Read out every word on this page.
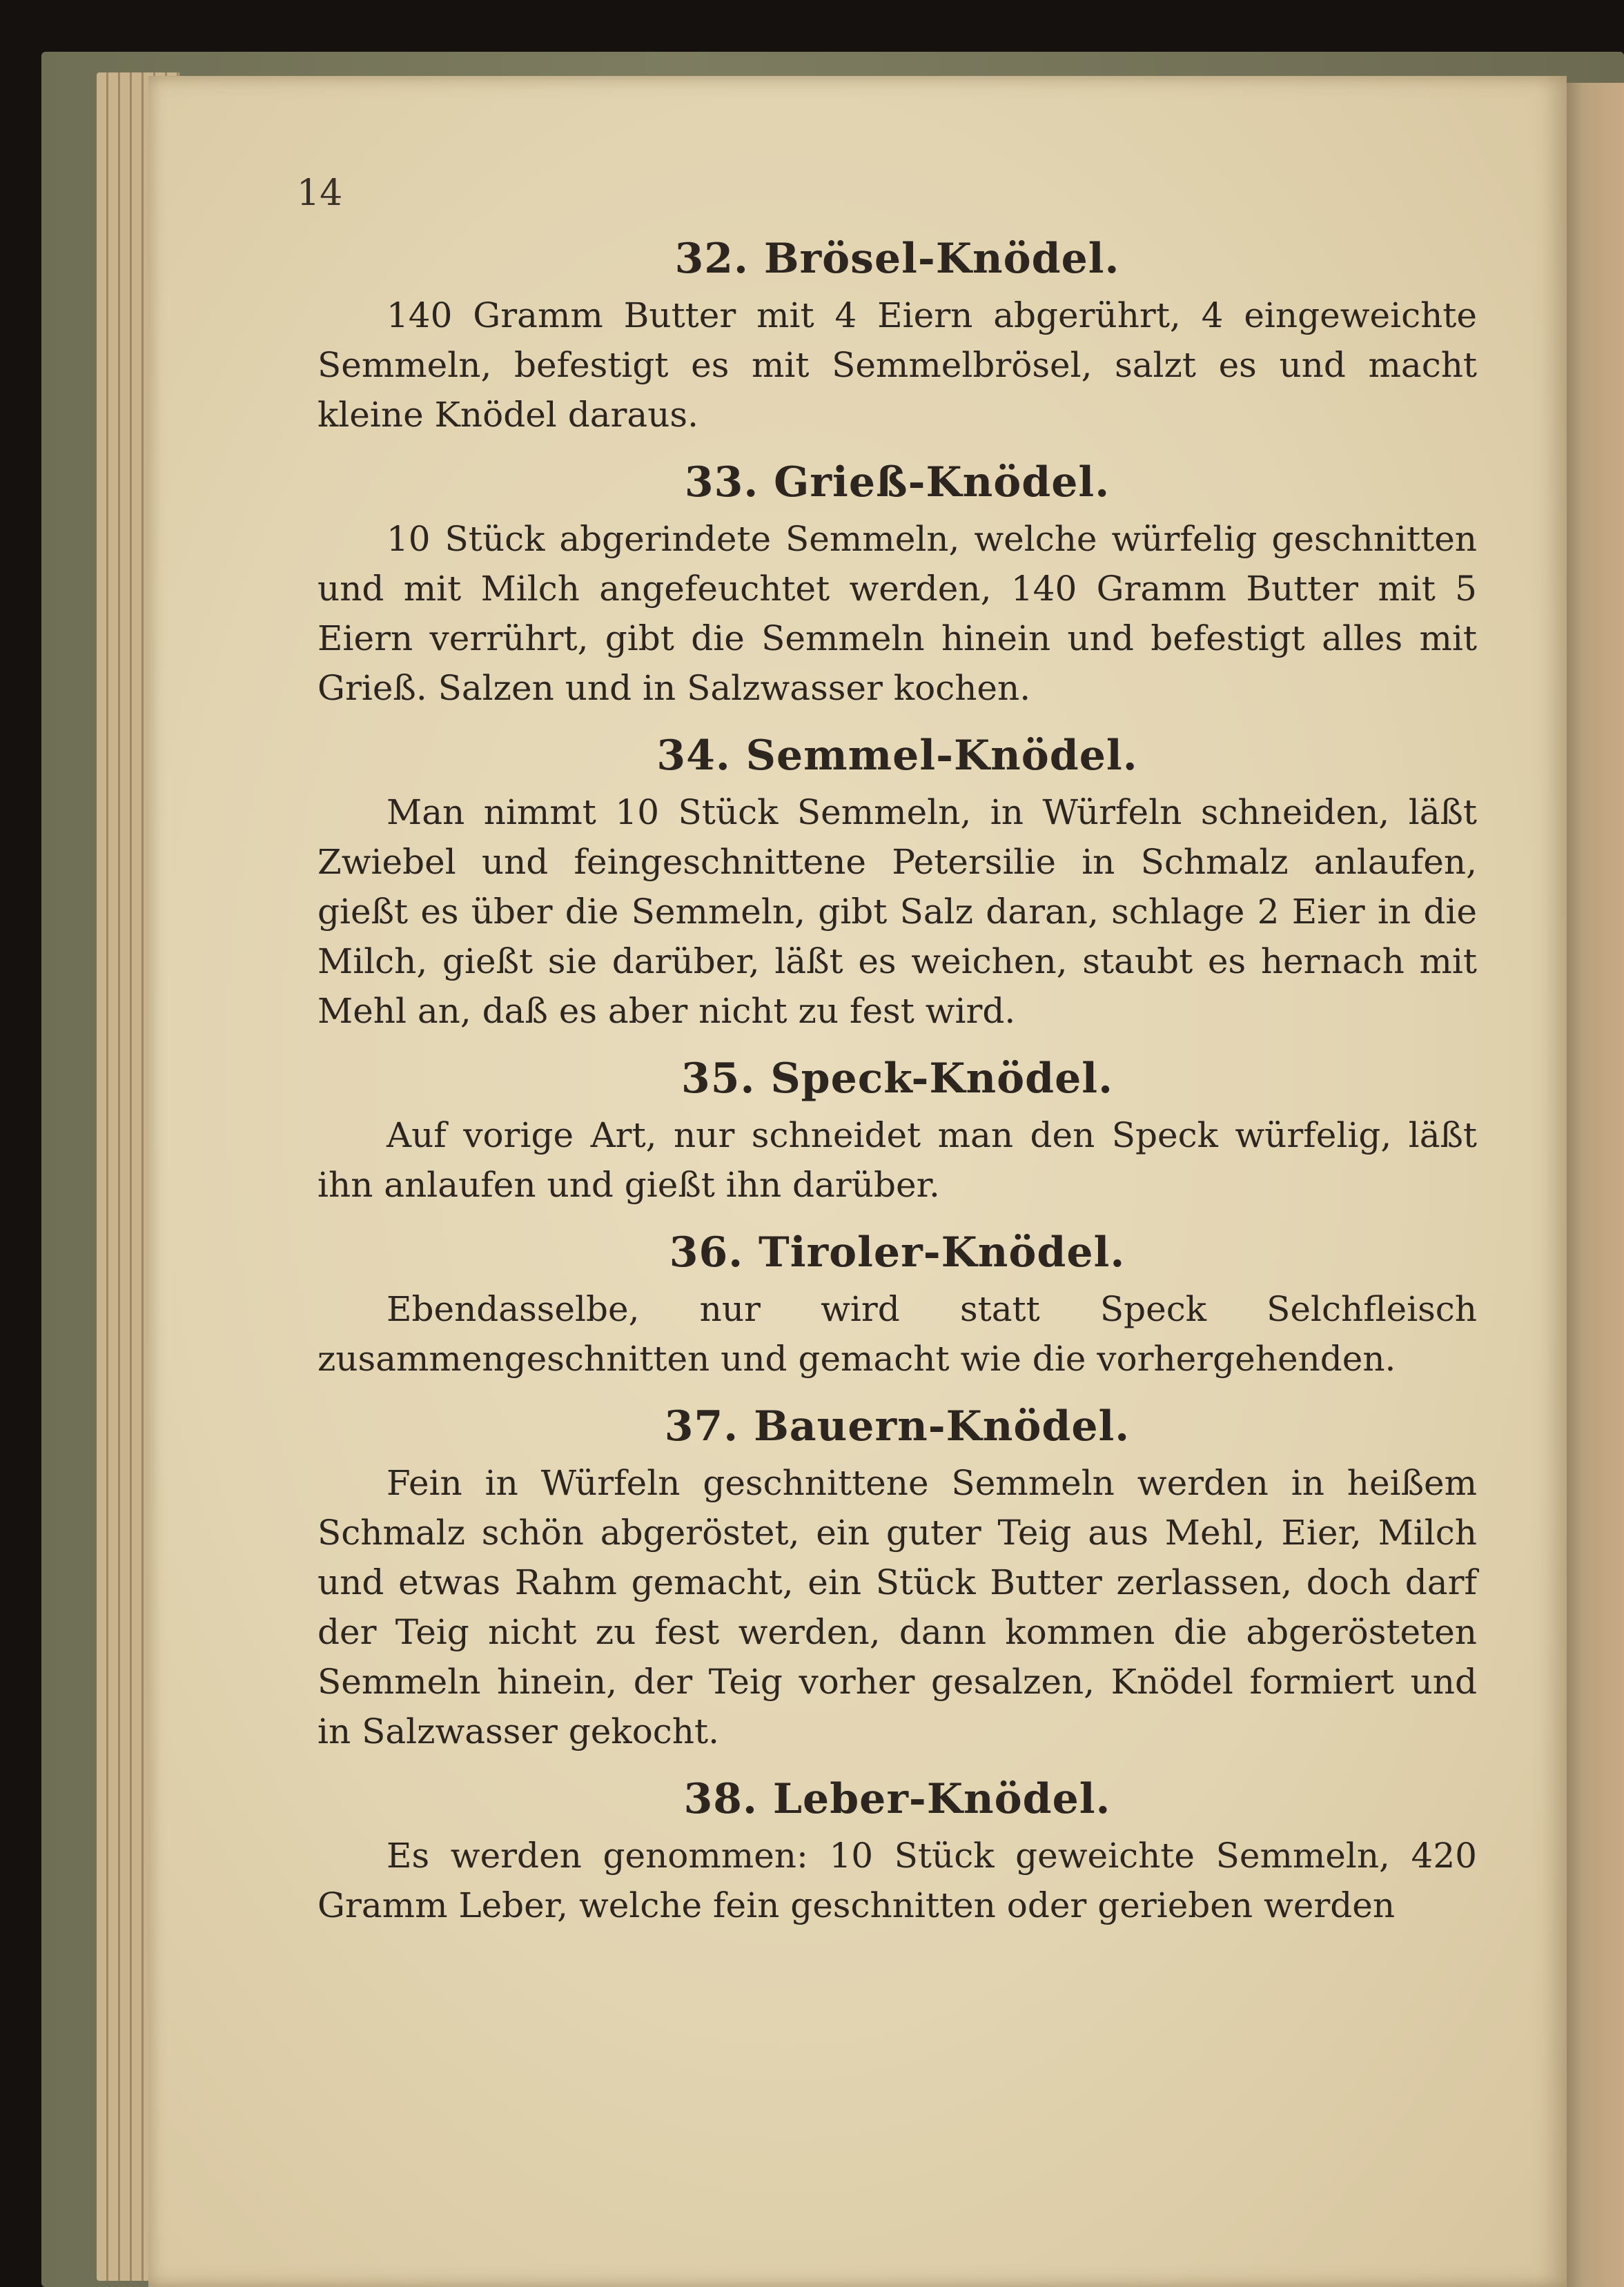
14
32. Brösel-Knödel.

140 Gramm Butter mit 4 Eiern abgerührt, 4 eingeweichte Semmeln, befestigt es mit Semmelbrösel, salzt es und macht kleine Knödel daraus.

33. Grieß-Knödel.

10 Stück abgerindete Semmeln, welche würfelig geschnitten und mit Milch angefeuchtet werden, 140 Gramm Butter mit 5 Eiern verrührt, gibt die Semmeln hinein und befestigt alles mit Grieß. Salzen und in Salzwasser kochen.

34. Semmel-Knödel.

Man nimmt 10 Stück Semmeln, in Würfeln schneiden, läßt Zwiebel und feingeschnittene Petersilie in Schmalz anlaufen, gießt es über die Semmeln, gibt Salz daran, schlage 2 Eier in die Milch, gießt sie darüber, läßt es weichen, staubt es hernach mit Mehl an, daß es aber nicht zu fest wird.

35. Speck-Knödel.

Auf vorige Art, nur schneidet man den Speck würfelig, läßt ihn anlaufen und gießt ihn darüber.

36. Tiroler-Knödel.

Ebendasselbe, nur wird statt Speck Selchfleisch zusammengeschnitten und gemacht wie die vorhergehenden.

37. Bauern-Knödel.

Fein in Würfeln geschnittene Semmeln werden in heißem Schmalz schön abgeröstet, ein guter Teig aus Mehl, Eier, Milch und etwas Rahm gemacht, ein Stück Butter zerlassen, doch darf der Teig nicht zu fest werden, dann kommen die abgerösteten Semmeln hinein, der Teig vorher gesalzen, Knödel formiert und in Salzwasser gekocht.

38. Leber-Knödel.

Es werden genommen: 10 Stück geweichte Semmeln, 420 Gramm Leber, welche fein geschnitten oder gerieben werden
